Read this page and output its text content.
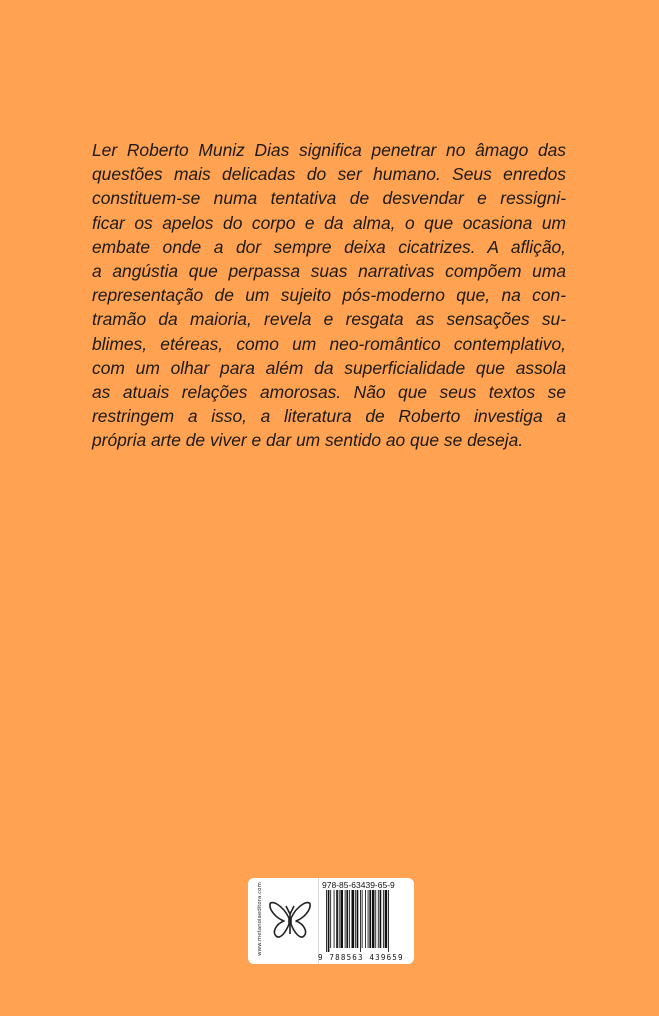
Ler Roberto Muniz Dias significa penetrar no âmago das
questões mais delicadas do ser humano. Seus enredos
constituem-se numa tentativa de desvendar e ressigni-
ficar os apelos do corpo e da alma, o que ocasiona um
embate onde a dor sempre deixa cicatrizes. A aflição,
a angústia que perpassa suas narrativas compõem uma
representação de um sujeito pós-moderno que, na con-
tramão da maioria, revela e resgata as sensações su-
blimes, etéreas, como um neo-romântico contemplativo,
com um olhar para além da superficialidade que assola
as atuais relações amorosas. Não que seus textos se
restringem a isso, a literatura de Roberto investiga a
própria arte de viver e dar um sentido ao que se deseja.
www.metanoiaeditora.com	978-85-63439-65-9
9 788563 439659
